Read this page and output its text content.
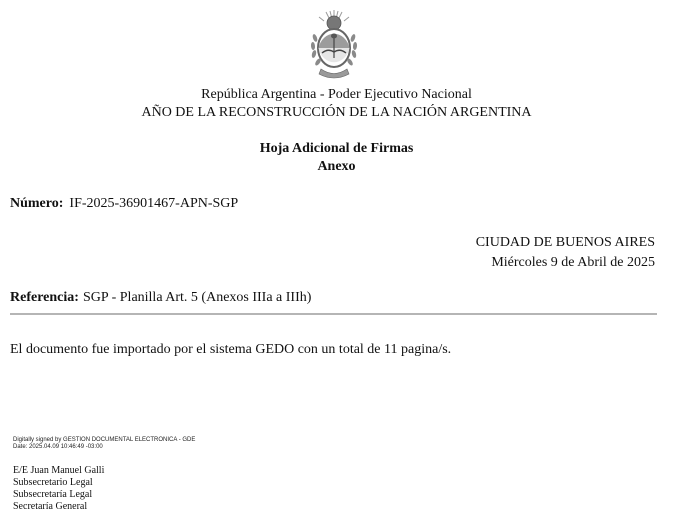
República Argentina - Poder Ejecutivo Nacional
AÑO DE LA RECONSTRUCCIÓN DE LA NACIÓN ARGENTINA
Hoja Adicional de Firmas
Anexo
Número: IF-2025-36901467-APN-SGP
CIUDAD DE BUENOS AIRES
Miércoles 9 de Abril de 2025
Referencia: SGP - Planilla Art. 5 (Anexos IIIa a IIIh)
El documento fue importado por el sistema GEDO con un total de 11 pagina/s.
Digitally signed by GESTION DOCUMENTAL ELECTRONICA - GDE
Date: 2025.04.09 10:46:49 -03:00
E/E Juan Manuel Galli
Subsecretario Legal
Subsecretaría Legal
Secretaría General
